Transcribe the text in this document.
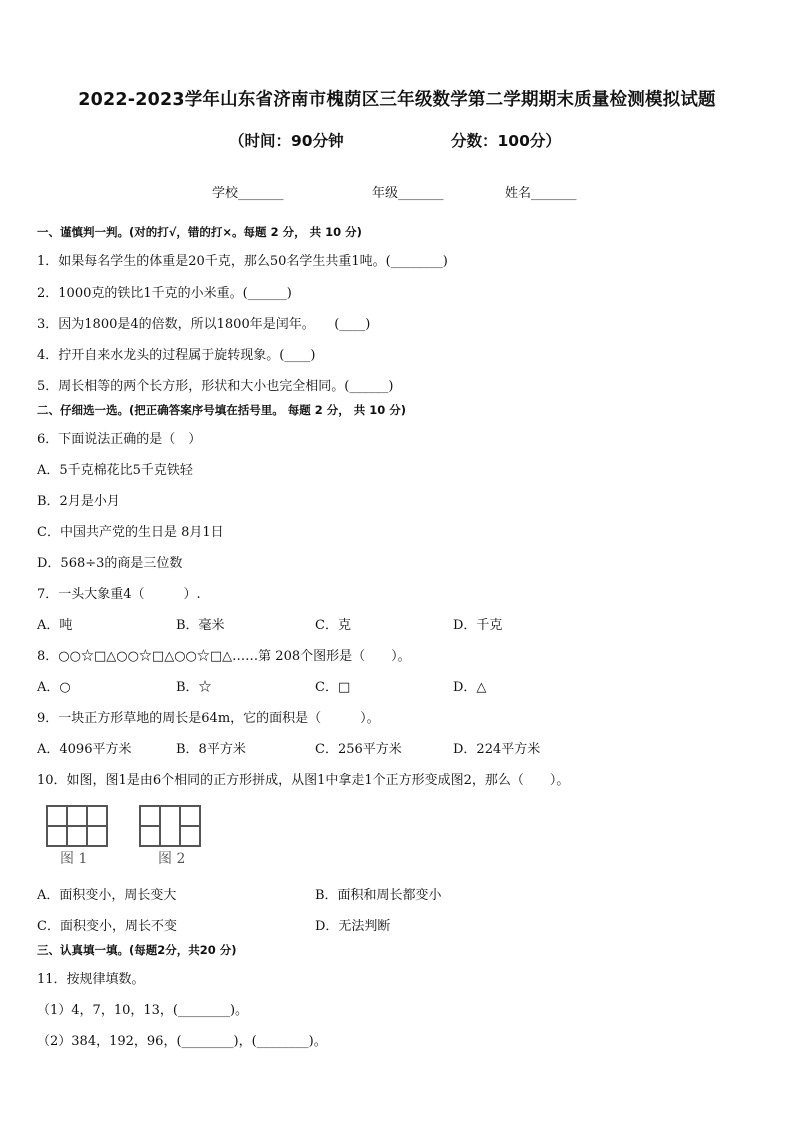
2022-2023学年山东省济南市槐荫区三年级数学第二学期期末质量检测模拟试题
（时间：90分钟	分数：100分）
学校_______	年级_______	姓名_______
一、谨慎判一判。(对的打√，错的打×。每题 2 分， 共 10 分)
1．如果每名学生的体重是20千克，那么50名学生共重1吨。(________)
2．1000克的铁比1千克的小米重。(______)
3．因为1800是4的倍数，所以1800年是闰年。　　(____)
4．拧开自来水龙头的过程属于旋转现象。(____)
5．周长相等的两个长方形，形状和大小也完全相同。(______)
二、仔细选一选。(把正确答案序号填在括号里。 每题 2 分， 共 10 分)
6．下面说法正确的是（　）
A．5千克棉花比5千克铁轻
B．2月是小月
C．中国共产党的生日是 8月1日
D．568÷3的商是三位数
7．一头大象重4（　　　）.
A．吨	B．毫米	C．克	D．千克
8．○○☆□△○○☆□△○○☆□△……第 208个图形是（　　）。
A．○	B．☆	C．□	D．△
9．一块正方形草地的周长是64m，它的面积是（　　　）。
A．4096平方米	B．8平方米	C．256平方米	D．224平方米
10．如图，图1是由6个相同的正方形拼成，从图1中拿走1个正方形变成图2，那么（　　）。
图 1	图 2
A．面积变小，周长变大	B．面积和周长都变小
C．面积变小，周长不变	D．无法判断
三、认真填一填。(每题2分，共20 分)
11．按规律填数。
（1）4，7，10，13，(________)。
（2）384，192，96，(________)，(________)。
